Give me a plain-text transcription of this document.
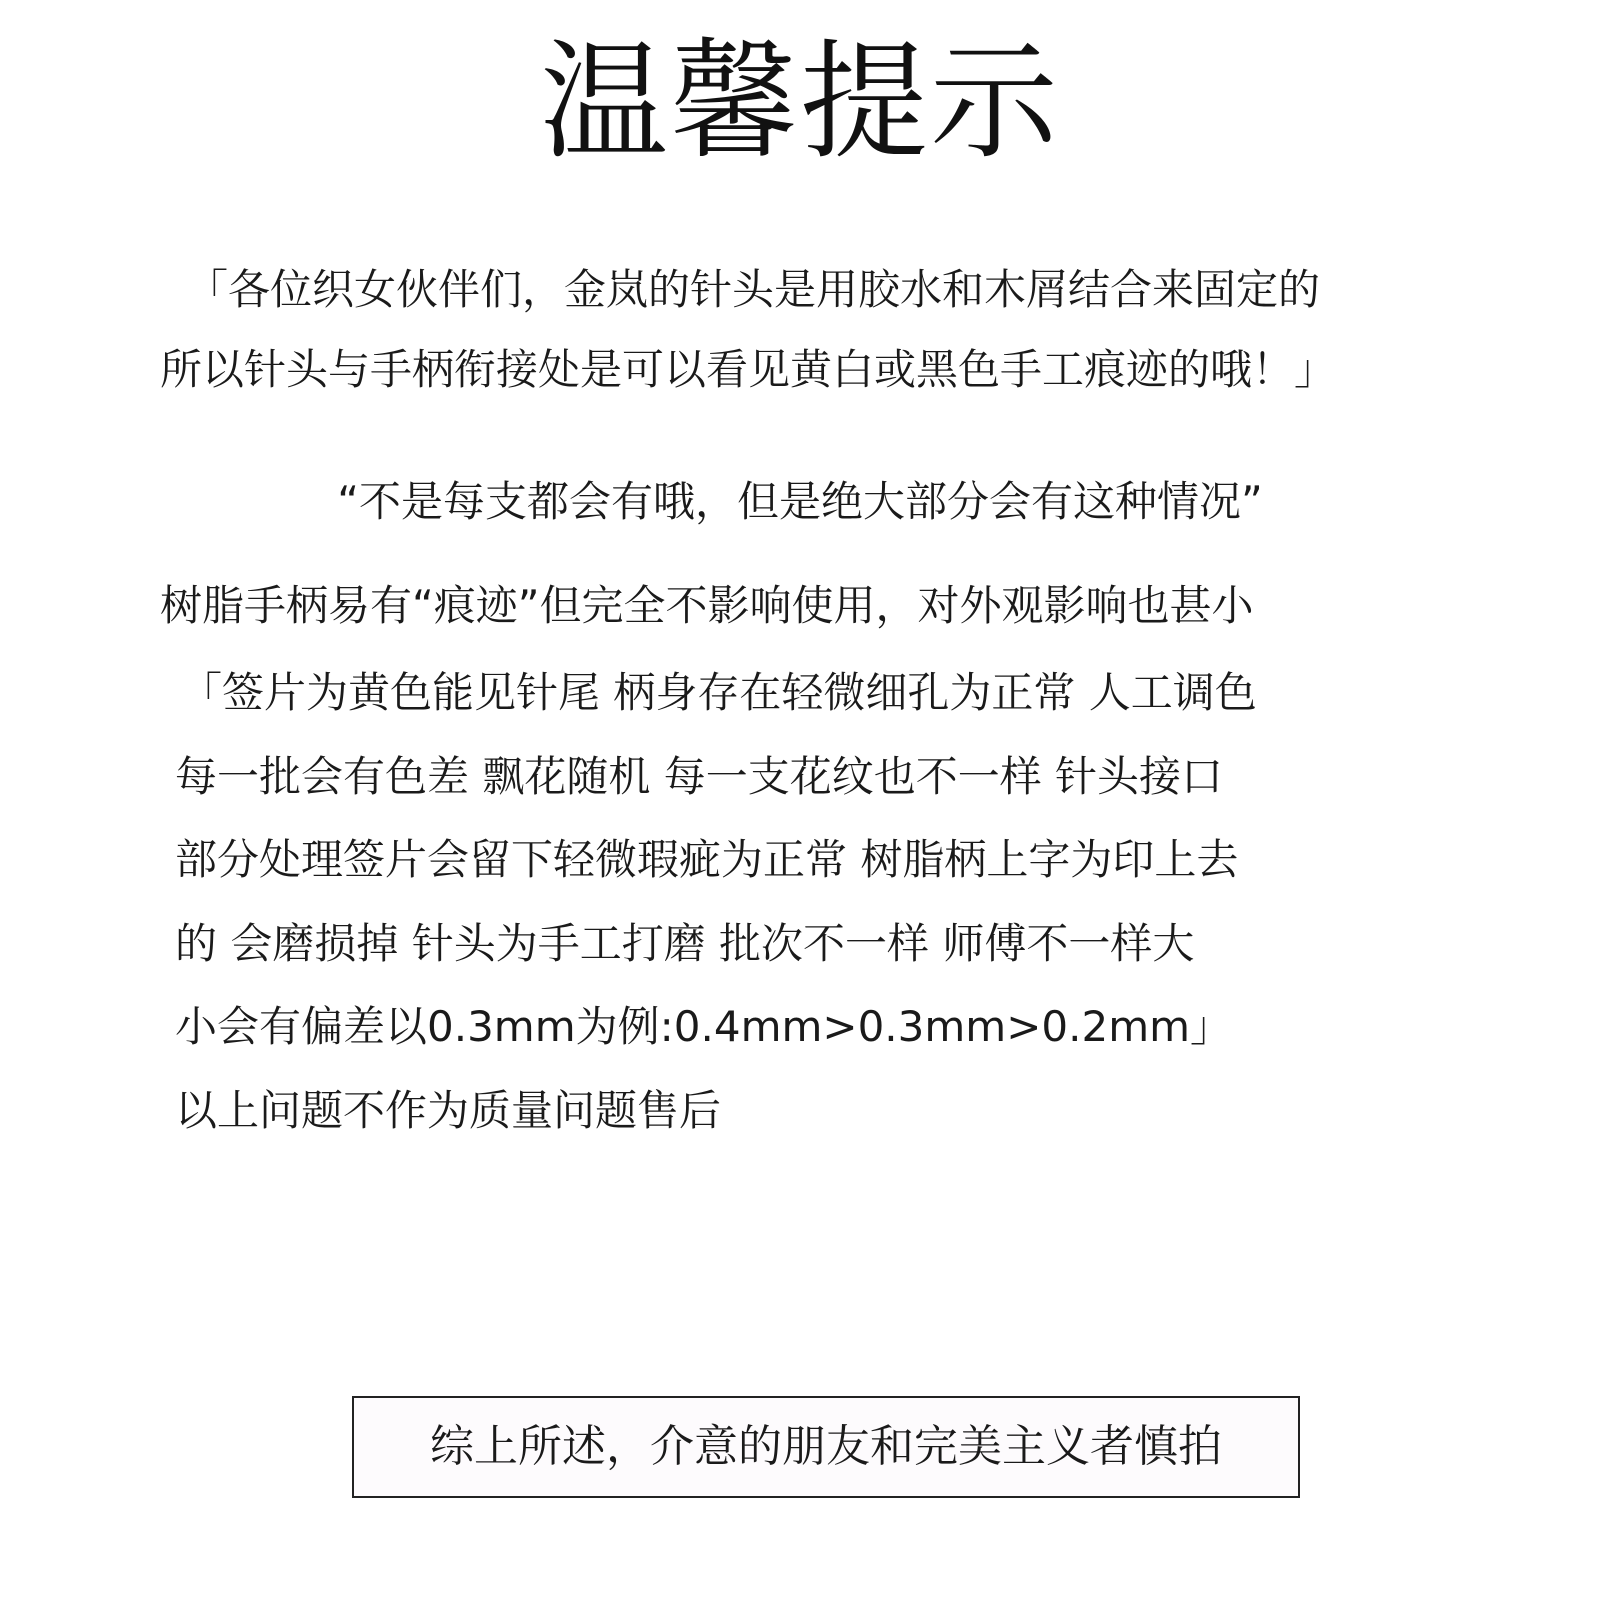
温馨提示
「各位织女伙伴们，金岚的针头是用胶水和木屑结合来固定的
所以针头与手柄衔接处是可以看见黄白或黑色手工痕迹的哦！」
“不是每支都会有哦，但是绝大部分会有这种情况”
树脂手柄易有“痕迹”但完全不影响使用，对外观影响也甚小
「签片为黄色能见针尾 柄身存在轻微细孔为正常 人工调色
每一批会有色差 飘花随机 每一支花纹也不一样 针头接口
部分处理签片会留下轻微瑕疵为正常 树脂柄上字为印上去
的 会磨损掉 针头为手工打磨 批次不一样 师傅不一样大
小会有偏差以0.3mm为例:0.4mm>0.3mm>0.2mm」
以上问题不作为质量问题售后
综上所述，介意的朋友和完美主义者慎拍
